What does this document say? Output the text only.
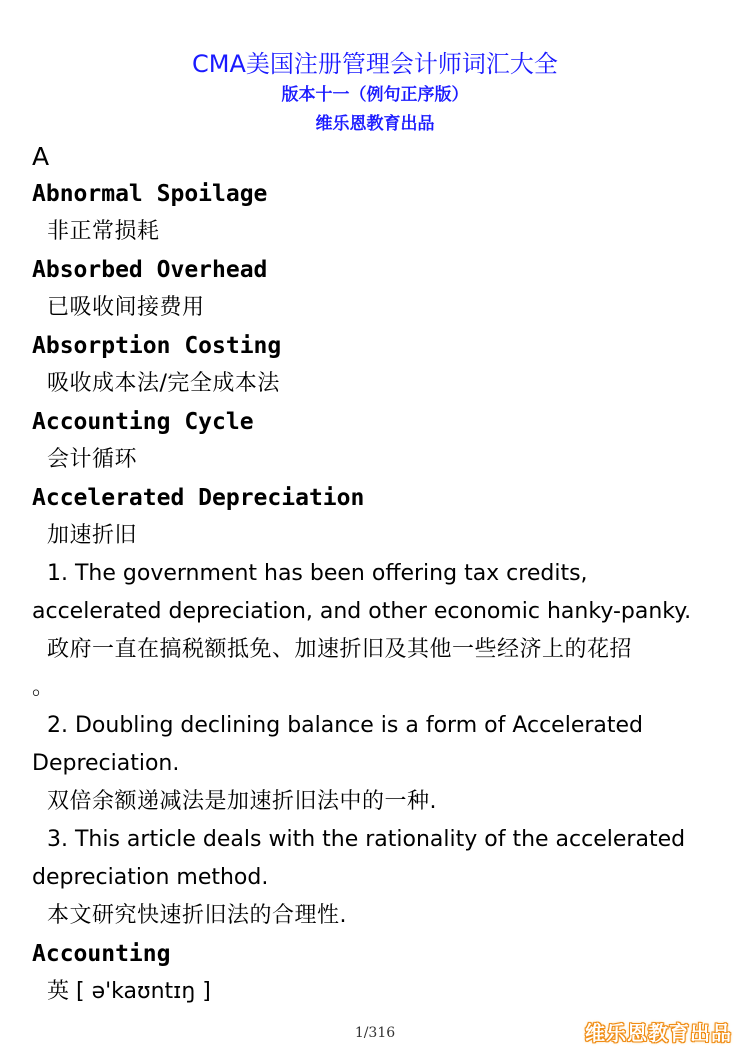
CMA美国注册管理会计师词汇大全
版本十一（例句正序版）
维乐恩教育出品
A
Abnormal Spoilage
非正常损耗
Absorbed Overhead
已吸收间接费用
Absorption Costing
吸收成本法/完全成本法
Accounting Cycle
会计循环
Accelerated Depreciation
加速折旧
1. The government has been offering tax credits,
accelerated depreciation, and other economic hanky-panky.
政府一直在搞税额抵免、加速折旧及其他一些经济上的花招
。
2. Doubling declining balance is a form of Accelerated
Depreciation.
双倍余额递减法是加速折旧法中的一种.
3. This article deals with the rationality of the accelerated
depreciation method.
本文研究快速折旧法的合理性.
Accounting
英 [ ə'kaʊntɪŋ ]
1/316	维乐恩教育出品
